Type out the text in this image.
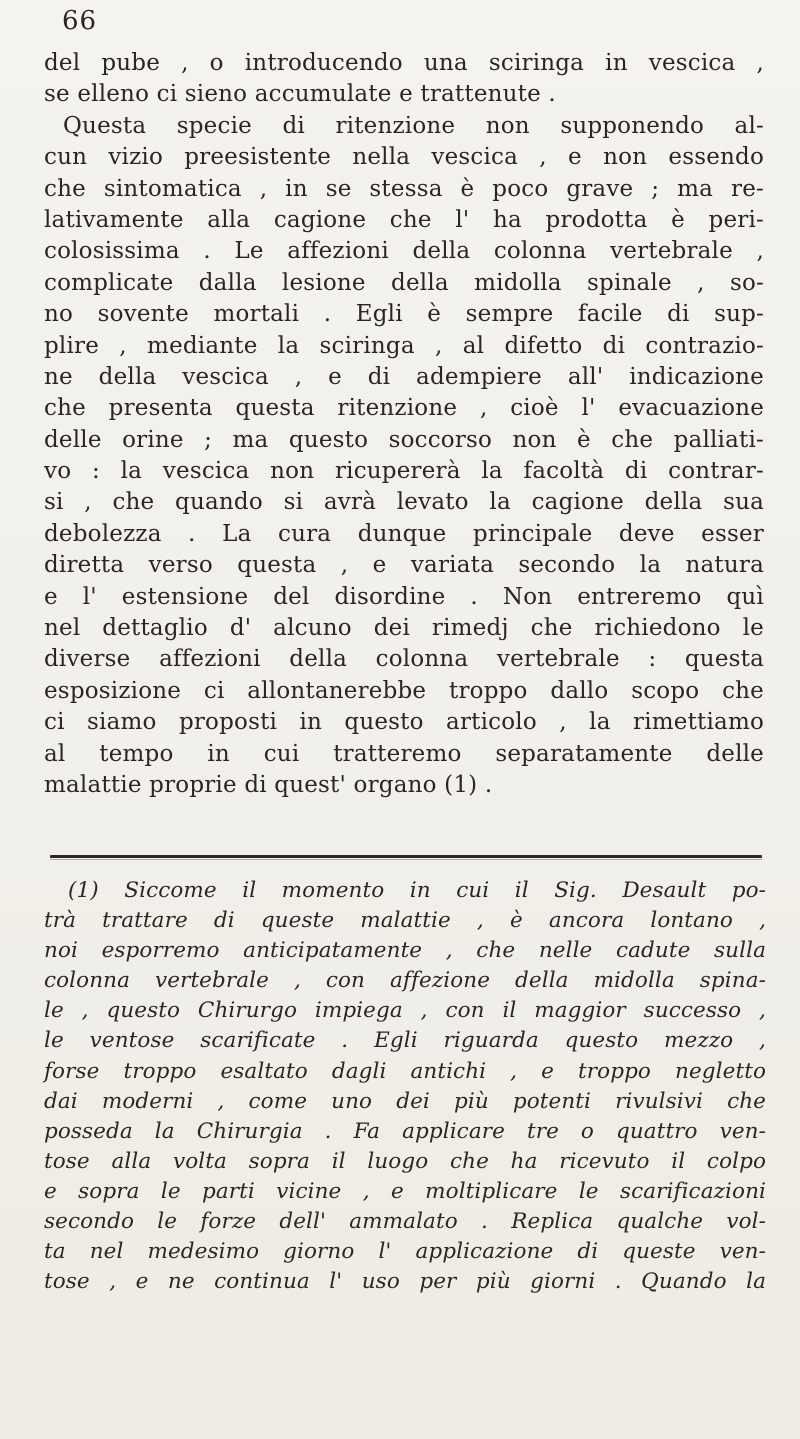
66
del pube , o introducendo una sciringa in vescica ,
se elleno ci sieno accumulate e trattenute .
Questa specie di ritenzione non supponendo al-
cun vizio preesistente nella vescica , e non essendo
che sintomatica , in se stessa è poco grave ; ma re-
lativamente alla cagione che l' ha prodotta è peri-
colosissima . Le affezioni della colonna vertebrale ,
complicate dalla lesione della midolla spinale , so-
no sovente mortali . Egli è sempre facile di sup-
plire , mediante la sciringa , al difetto di contrazio-
ne della vescica , e di adempiere all' indicazione
che presenta questa ritenzione , cioè l' evacuazione
delle orine ; ma questo soccorso non è che palliati-
vo : la vescica non ricupererà la facoltà di contrar-
si , che quando si avrà levato la cagione della sua
debolezza . La cura dunque principale deve esser
diretta verso questa , e variata secondo la natura
e l' estensione del disordine . Non entreremo quì
nel dettaglio d' alcuno dei rimedj che richiedono le
diverse affezioni della colonna vertebrale : questa
esposizione ci allontanerebbe troppo dallo scopo che
ci siamo proposti in questo articolo , la rimettiamo
al tempo in cui tratteremo separatamente delle
malattie proprie di quest' organo (1) .
(1) Siccome il momento in cui il Sig. Desault po-
trà trattare di queste malattie , è ancora lontano ,
noi esporremo anticipatamente , che nelle cadute sulla
colonna vertebrale , con affezione della midolla spina-
le , questo Chirurgo impiega , con il maggior successo ,
le ventose scarificate . Egli riguarda questo mezzo ,
forse troppo esaltato dagli antichi , e troppo negletto
dai moderni , come uno dei più potenti rivulsivi che
posseda la Chirurgia . Fa applicare tre o quattro ven-
tose alla volta sopra il luogo che ha ricevuto il colpo
e sopra le parti vicine , e moltiplicare le scarificazioni
secondo le forze dell' ammalato . Replica qualche vol-
ta nel medesimo giorno l' applicazione di queste ven-
tose , e ne continua l' uso per più giorni . Quando la
